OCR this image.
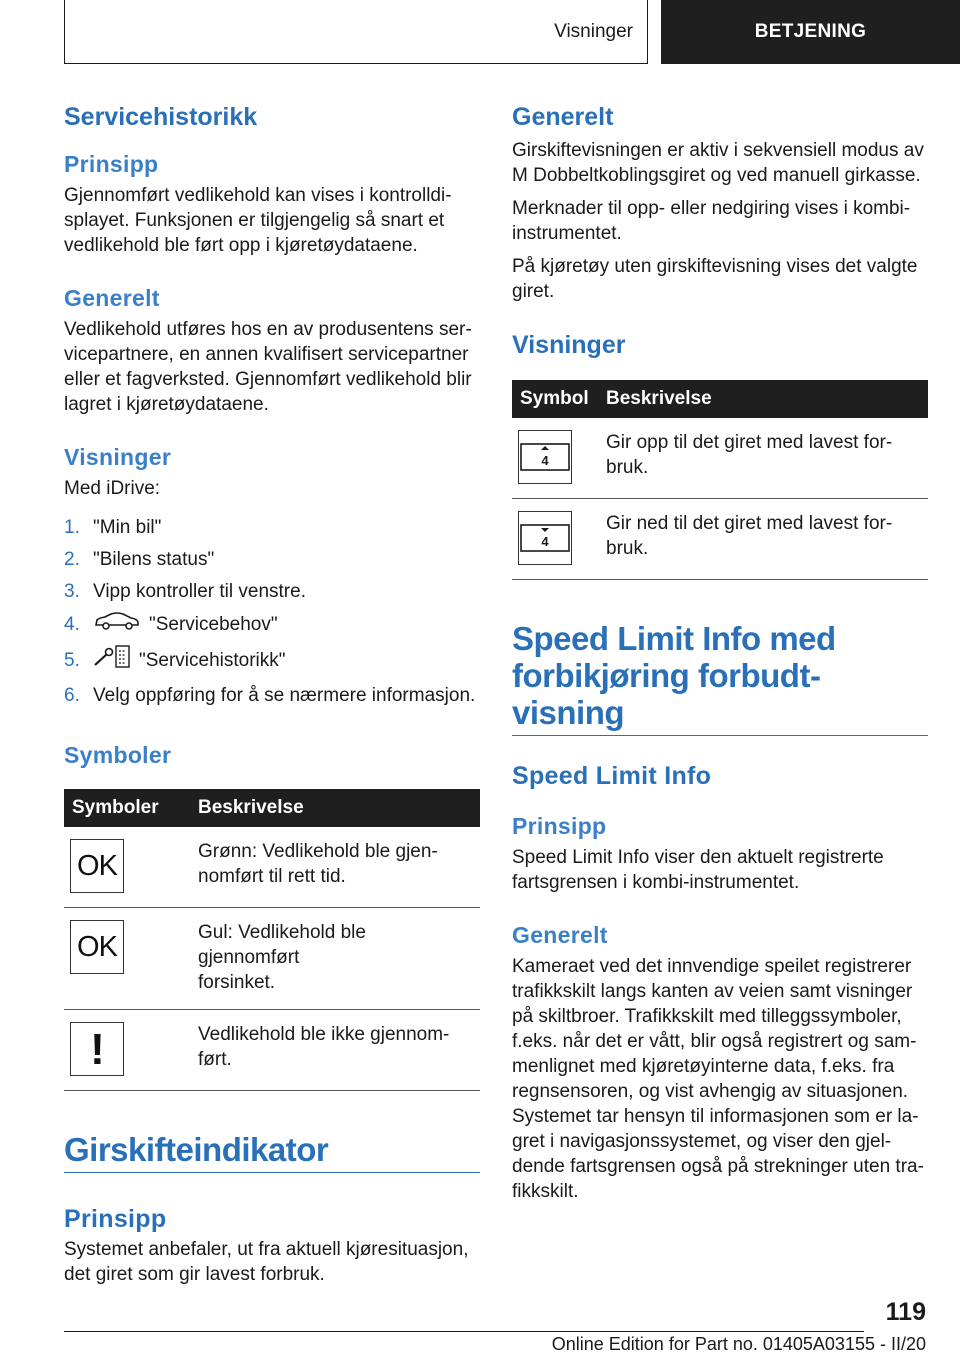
Visninger	BETJENING
Servicehistorikk
Prinsipp

Gjennomført vedlikehold kan vises i kontrolldi-
splayet. Funksjonen er tilgjengelig så snart et
vedlikehold ble ført opp i kjøretøydataene.

Generelt

Vedlikehold utføres hos en av produsentens ser-
vicepartnere, en annen kvalifisert servicepartner
eller et fagverksted. Gjennomført vedlikehold blir
lagret i kjøretøydataene.

Visninger

Med iDrive:

1. "Min bil"
2. "Bilens status"
3. Vipp kontroller til venstre.
4.	"Servicebehov"
5.	"Servicehistorikk"
6. Velg oppføring for å se nærmere informasjon.
Symboler
Symboler	Beskrivelse

OK	Grønn: Vedlikehold ble gjen-
nomført til rett tid.

OK	Gul: Vedlikehold ble gjennomført
forsinket.

!	Vedlikehold ble ikke gjennom-
ført.
Girskifteindikator
Prinsipp

Systemet anbefaler, ut fra aktuell kjøresituasjon,
det giret som gir lavest forbruk.

Generelt

Girskiftevisningen er aktiv i sekvensiell modus av
M Dobbeltkoblingsgiret og ved manuell girkasse.

Merknader til opp- eller nedgiring vises i kombi-
instrumentet.

På kjøretøy uten girskiftevisning vises det valgte
giret.

Visninger
Symbol	Beskrivelse

4	Gir opp til det giret med lavest for-
bruk.

4	Gir ned til det giret med lavest for-
bruk.
Speed Limit Info med
forbikjøring forbudt-visning
Speed Limit Info
Prinsipp

Speed Limit Info viser den aktuelt registrerte
fartsgrensen i kombi-instrumentet.

Generelt

Kameraet ved det innvendige speilet registrerer
trafikkskilt langs kanten av veien samt visninger
på skiltbroer. Trafikkskilt med tilleggssymboler,
f.eks. når det er vått, blir også registrert og sam-
menlignet med kjøretøyinterne data, f.eks. fra
regnsensoren, og vist avhengig av situasjonen.
Systemet tar hensyn til informasjonen som er la-
gret i navigasjonssystemet, og viser den gjel-
dende fartsgrensen også på strekninger uten tra-
fikkskilt.

119
Online Edition for Part no. 01405A03155 - II/20
